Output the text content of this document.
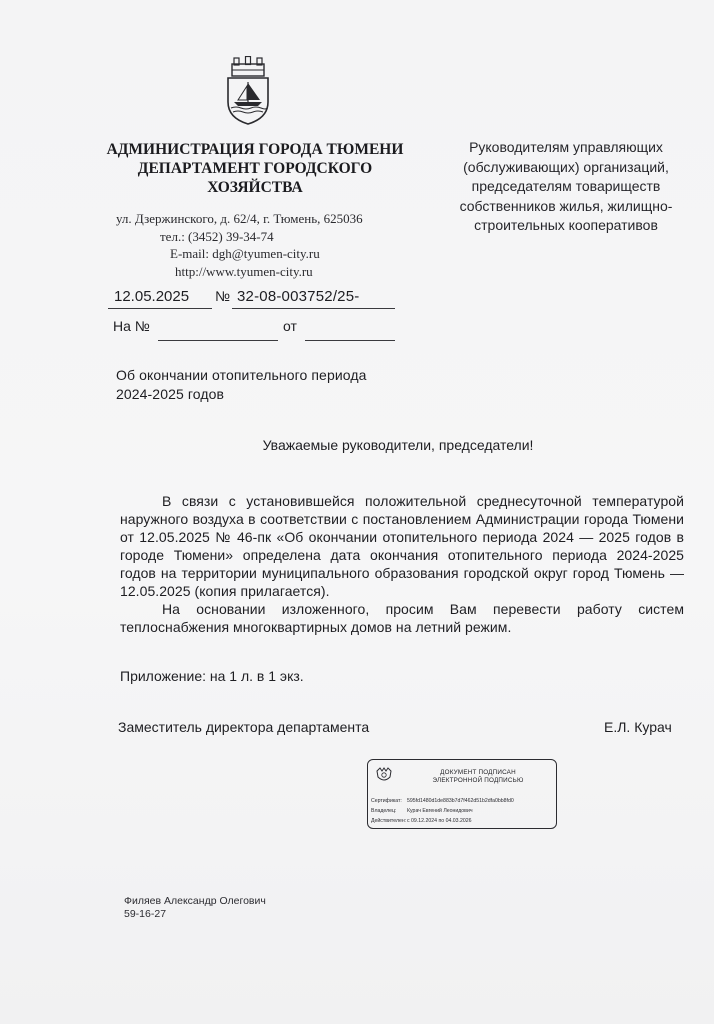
АДМИНИСТРАЦИЯ ГОРОДА ТЮМЕНИ
ДЕПАРТАМЕНТ ГОРОДСКОГО
ХОЗЯЙСТВА
ул. Дзержинского, д. 62/4, г. Тюмень, 625036
тел.: (3452) 39-34-74
E-mail: dgh@tyumen-city.ru
http://www.tyumen-city.ru
Руководителям управляющих
(обслуживающих) организаций,
председателям товариществ
собственников жилья, жилищно-
строительных кооперативов
12.05.2025 № 32-08-003752/25-
На №	от
Об окончании отопительного периода
2024-2025 годов
Уважаемые руководители, председатели!

В связи с установившейся положительной среднесуточной температурой наружного воздуха в соответствии с постановлением Администрации города Тюмени от 12.05.2025 № 46-пк «Об окончании отопительного периода 2024 — 2025 годов в городе Тюмени» определена дата окончания отопительного периода 2024-2025 годов на территории муниципального образования городской округ город Тюмень — 12.05.2025 (копия прилагается).

На основании изложенного, просим Вам перевести работу систем теплоснабжения многоквартирных домов на летний режим.

Приложение: на 1 л. в 1 экз.
Заместитель директора департамента	Е.Л. Курач
ДОКУМЕНТ ПОДПИСАН
ЭЛЕКТРОННОЙ ПОДПИСЬЮ
Сертификат: 595fd1480d1de883b7d7f462d51b2dfa0bb8fd0
Владелец: Курач Евгений Леонидович
Действителен:с 09.12.2024 по 04.03.2026
Филяев Александр Олегович
59-16-27
